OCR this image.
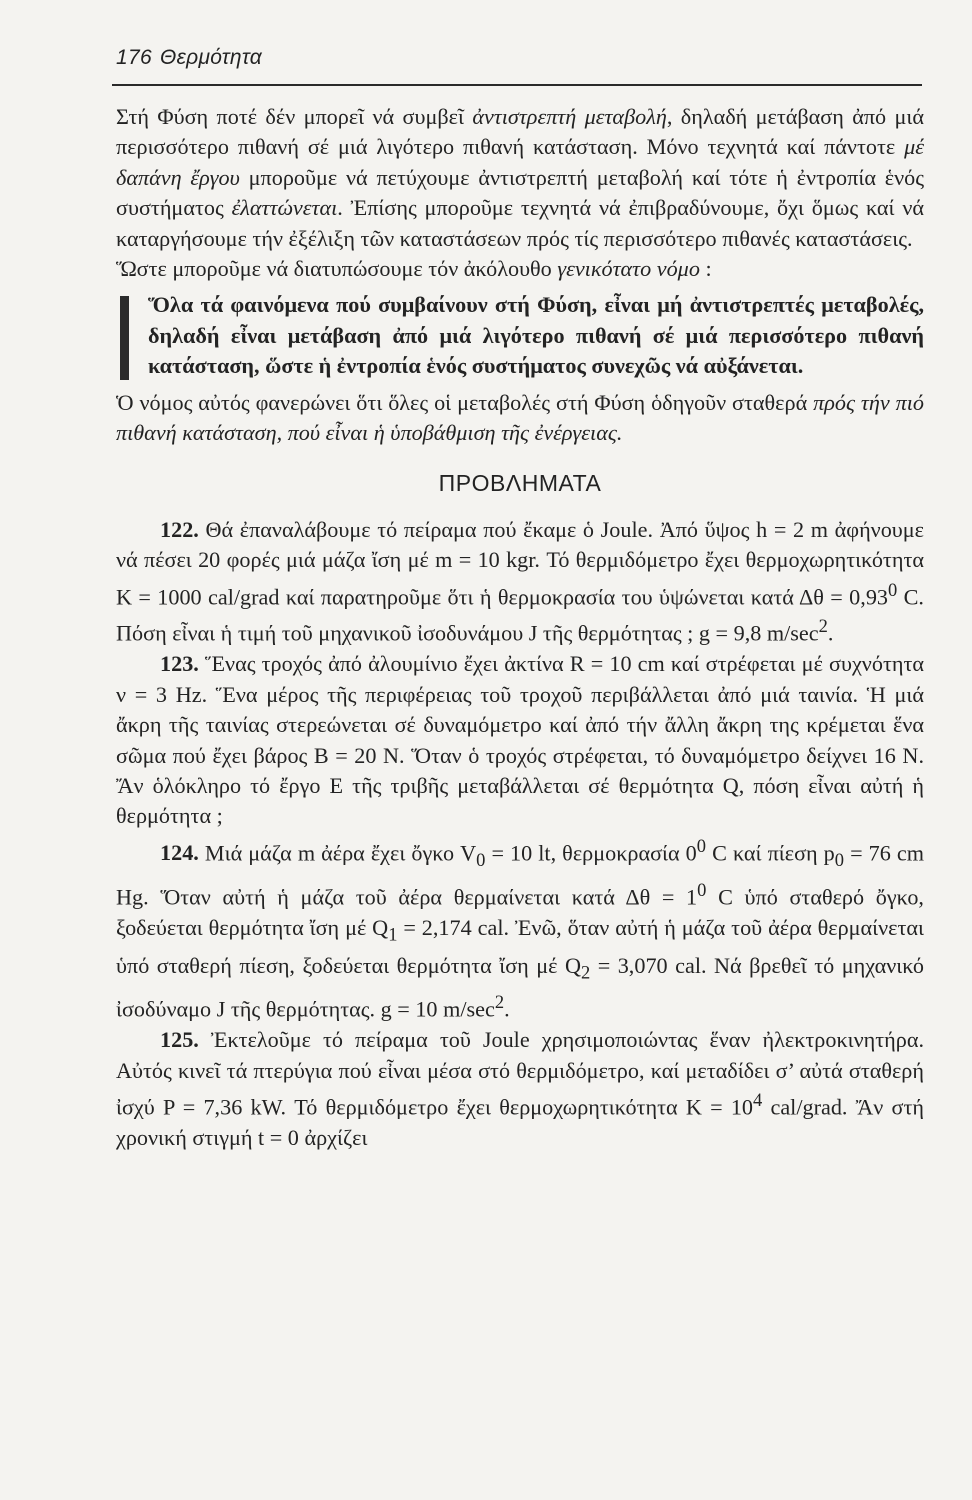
176 Θερμότητα

Στή Φύση ποτέ δέν μπορεῖ νά συμβεῖ ἀντιστρεπτή μεταβολή, δηλαδή μετάβαση ἀπό μιά περισσότερο πιθανή σέ μιά λιγότερο πιθανή κατάσταση. Μόνο τεχνητά καί πάντοτε μέ δαπάνη ἔργου μποροῦμε νά πετύχουμε ἀντιστρεπτή μεταβολή καί τότε ἡ ἐντροπία ἑνός συστήματος ἐλαττώνεται. Ἐπίσης μποροῦμε τεχνητά νά ἐπιβραδύνουμε, ὄχι ὅμως καί νά καταργήσουμε τήν ἐξέλιξη τῶν καταστάσεων πρός τίς περισσότερο πιθανές καταστάσεις.

Ὥστε μποροῦμε νά διατυπώσουμε τόν ἀκόλουθο γενικότατο νόμο :

Ὅλα τά φαινόμενα πού συμβαίνουν στή Φύση, εἶναι μή ἀντιστρεπτές μεταβολές, δηλαδή εἶναι μετάβαση ἀπό μιά λιγότερο πιθανή σέ μιά περισσότερο πιθανή κατάσταση, ὥστε ἡ ἐντροπία ἑνός συστήματος συνεχῶς νά αὐξάνεται.

Ὁ νόμος αὐτός φανερώνει ὅτι ὅλες οἱ μεταβολές στή Φύση ὁδηγοῦν σταθερά πρός τήν πιό πιθανή κατάσταση, πού εἶναι ἡ ὑποβάθμιση τῆς ἐνέργειας.

ΠΡΟΒΛΗΜΑΤΑ

122. Θά ἐπαναλάβουμε τό πείραμα πού ἔκαμε ὁ Joule. Ἀπό ὕψος h = 2 m ἀφήνουμε νά πέσει 20 φορές μιά μάζα ἴση μέ m = 10 kgr. Τό θερμιδόμετρο ἔχει θερμοχωρητικότητα K = 1000 cal/grad καί παρατηροῦμε ὅτι ἡ θερμοκρασία του ὑψώνεται κατά $\Delta\theta = 0,93^0$ C. Πόση εἶναι ἡ τιμή τοῦ μηχανικοῦ ἰσοδυνάμου J τῆς θερμότητας ; g = 9,8 $m/\sec^2$.

123. Ἕνας τροχός ἀπό ἀλουμίνιο ἔχει ἀκτίνα R = 10 cm καί στρέφεται μέ συχνότητα ν = 3 Hz. Ἕνα μέρος τῆς περιφέρειας τοῦ τροχοῦ περιβάλλεται ἀπό μιά ταινία. Ἡ μιά ἄκρη τῆς ταινίας στερεώνεται σέ δυναμόμετρο καί ἀπό τήν ἄλλη ἄκρη της κρέμεται ἕνα σῶμα πού ἔχει βάρος B = 20 N. Ὅταν ὁ τροχός στρέφεται, τό δυναμόμετρο δείχνει 16 N. Ἄν ὁλόκληρο τό ἔργο E τῆς τριβῆς μεταβάλλεται σέ θερμότητα Q, πόση εἶναι αὐτή ἡ θερμότητα ;

124. Μιά μάζα m ἀέρα ἔχει ὄγκο $V_0 = 10$ lt, θερμοκρασία $0^0$ C καί πίεση $p_0 = 76$ cm Hg. Ὅταν αὐτή ἡ μάζα τοῦ ἀέρα θερμαίνεται κατά $\Delta\theta = 1^0$ C ὑπό σταθερό ὄγκο, ξοδεύεται θερμότητα ἴση μέ $Q_1 = 2,174$ cal. Ἐνῶ, ὅταν αὐτή ἡ μάζα τοῦ ἀέρα θερμαίνεται ὑπό σταθερή πίεση, ξοδεύεται θερμότητα ἴση μέ $Q_2 = 3,070$ cal. Νά βρεθεῖ τό μηχανικό ἰσοδύναμο J τῆς θερμότητας. g = 10 $m/\sec^2$.

125. Ἐκτελοῦμε τό πείραμα τοῦ Joule χρησιμοποιώντας ἕναν ἠλεκτροκινητήρα. Αὐτός κινεῖ τά πτερύγια πού εἶναι μέσα στό θερμιδόμετρο, καί μεταδίδει σ’ αὐτά σταθερή ἰσχύ P = 7,36 kW. Τό θερμιδόμετρο ἔχει θερμοχωρητικότητα $K = 10^4$ cal/grad. Ἄν στή χρονική στιγμή t = 0 ἀρχίζει
